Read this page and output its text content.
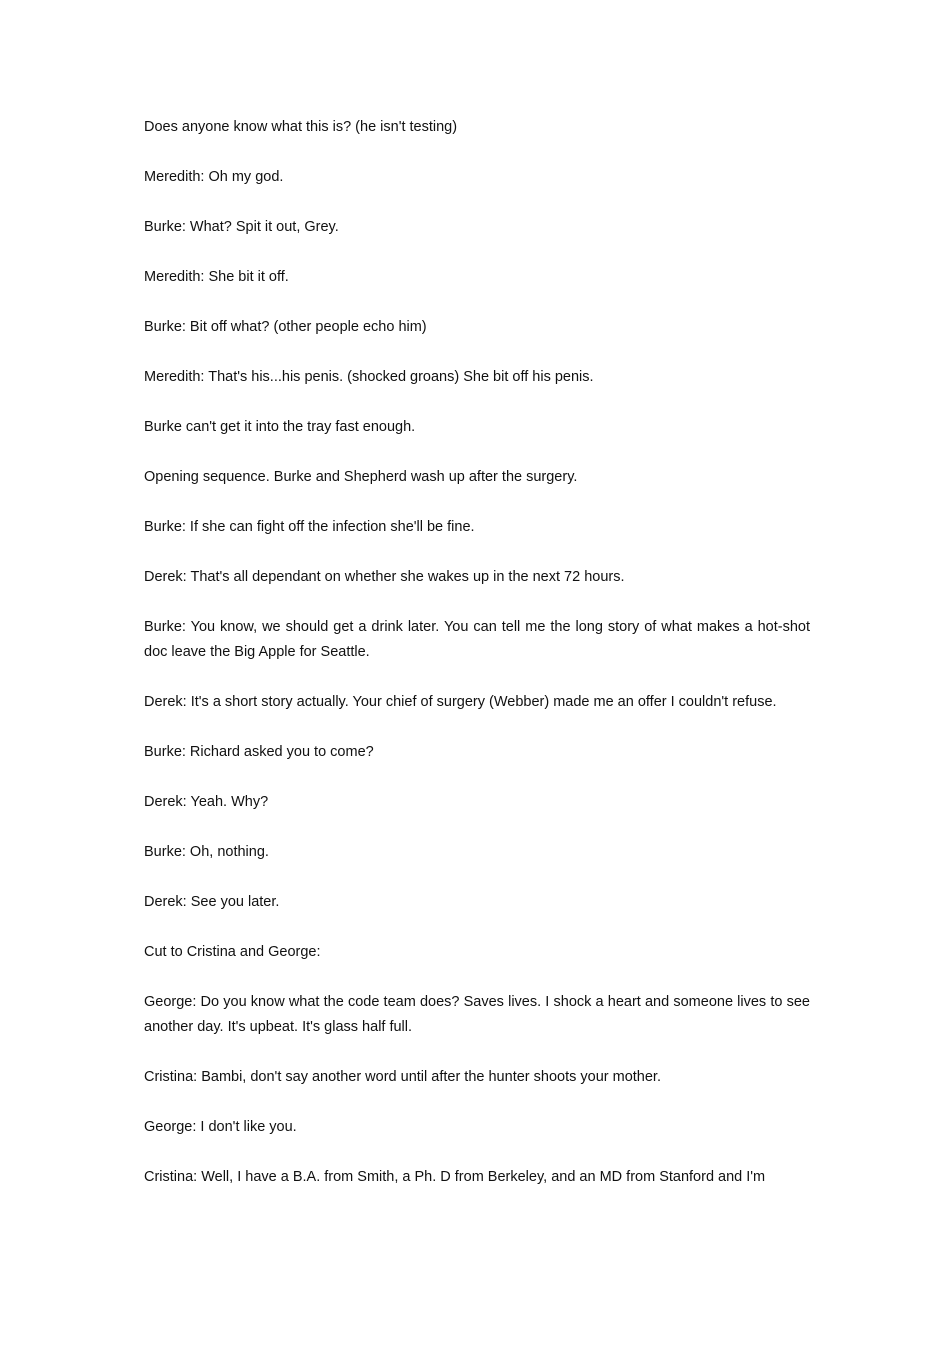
Does anyone know what this is? (he isn't testing)

Meredith: Oh my god.

Burke: What? Spit it out, Grey.

Meredith: She bit it off.

Burke: Bit off what? (other people echo him)

Meredith: That's his...his penis. (shocked groans) She bit off his penis.

Burke can't get it into the tray fast enough.

Opening sequence. Burke and Shepherd wash up after the surgery.

Burke: If she can fight off the infection she'll be fine.

Derek: That's all dependant on whether she wakes up in the next 72 hours.

Burke: You know, we should get a drink later. You can tell me the long story of what makes a hot-shot doc leave the Big Apple for Seattle.

Derek: It's a short story actually. Your chief of surgery (Webber) made me an offer I couldn't refuse.

Burke: Richard asked you to come?

Derek: Yeah. Why?

Burke: Oh, nothing.

Derek: See you later.

Cut to Cristina and George:

George: Do you know what the code team does? Saves lives. I shock a heart and someone lives to see another day. It's upbeat. It's glass half full.

Cristina: Bambi, don't say another word until after the hunter shoots your mother.

George: I don't like you.

Cristina: Well, I have a B.A. from Smith, a Ph. D from Berkeley, and an MD from Stanford and I'm
